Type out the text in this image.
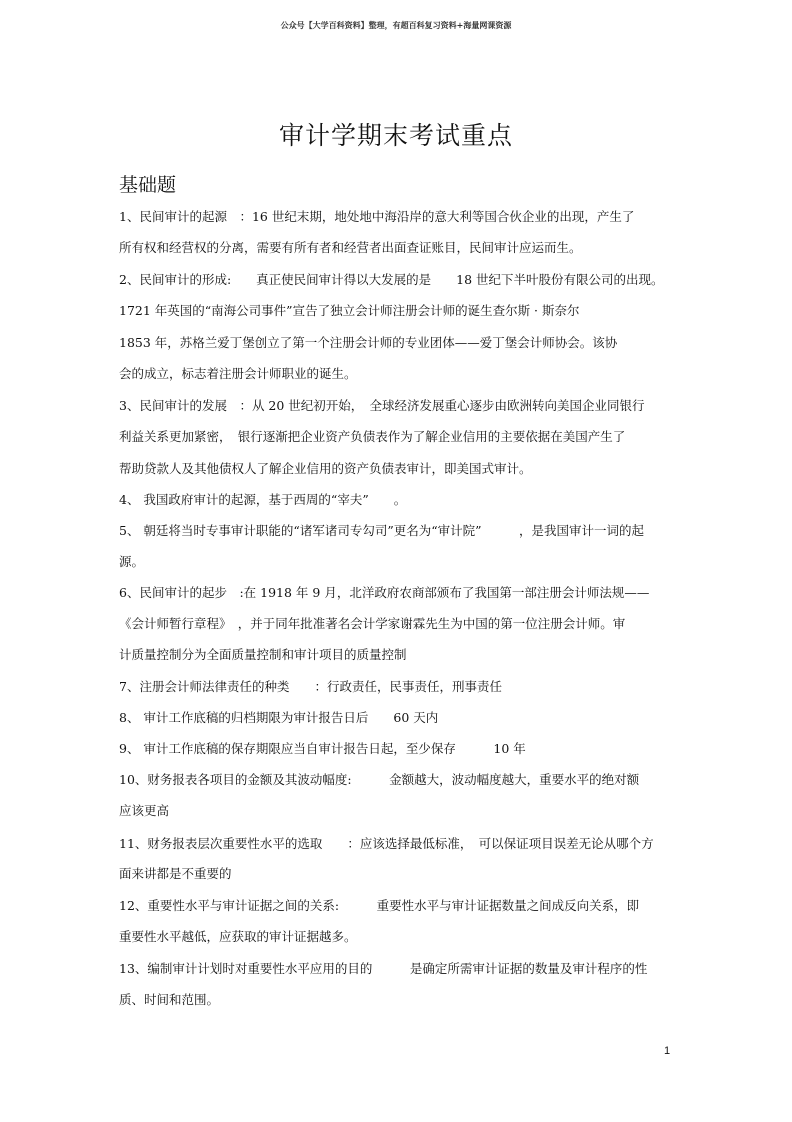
公众号【大学百科资料】整理，有超百科复习资料+海量网课资源
审计学期末考试重点
基础题
1、民间审计的起源　：16 世纪末期，地处地中海沿岸的意大利等国合伙企业的出现，产生了
所有权和经营权的分离，需要有所有者和经营者出面查证账目，民间审计应运而生。
2、民间审计的形成:　　真正使民间审计得以大发展的是　　18 世纪下半叶股份有限公司的出现。
1721 年英国的“南海公司事件”宣告了独立会计师注册会计师的诞生查尔斯 · 斯奈尔
1853 年，苏格兰爱丁堡创立了第一个注册会计师的专业团体——爱丁堡会计师协会。该协
会的成立，标志着注册会计师职业的诞生。
3、民间审计的发展　：从 20 世纪初开始，　全球经济发展重心逐步由欧洲转向美国企业同银行
利益关系更加紧密，　银行逐渐把企业资产负债表作为了解企业信用的主要依据在美国产生了
帮助贷款人及其他债权人了解企业信用的资产负债表审计，即美国式审计。
4、 我国政府审计的起源，基于西周的“宰夫”　　。
5、 朝廷将当时专事审计职能的“诸军诸司专勾司”更名为“审计院”　　　，是我国审计一词的起
源。
6、民间审计的起步　:在 1918 年 9 月，北洋政府农商部颁布了我国第一部注册会计师法规——
《会计师暂行章程》　，并于同年批准著名会计学家谢霖先生为中国的第一位注册会计师。审
计质量控制分为全面质量控制和审计项目的质量控制
7、注册会计师法律责任的种类　　：行政责任，民事责任，刑事责任
8、 审计工作底稿的归档期限为审计报告日后　　60 天内
9、 审计工作底稿的保存期限应当自审计报告日起，至少保存　　　10 年
10、财务报表各项目的金额及其波动幅度:　　　金额越大，波动幅度越大，重要水平的绝对额
应该更高
11、财务报表层次重要性水平的选取　　：应该选择最低标准，　可以保证项目误差无论从哪个方
面来讲都是不重要的
12、重要性水平与审计证据之间的关系:　　　重要性水平与审计证据数量之间成反向关系，即
重要性水平越低，应获取的审计证据越多。
13、编制审计计划时对重要性水平应用的目的　　　是确定所需审计证据的数量及审计程序的性
质、时间和范围。
1
